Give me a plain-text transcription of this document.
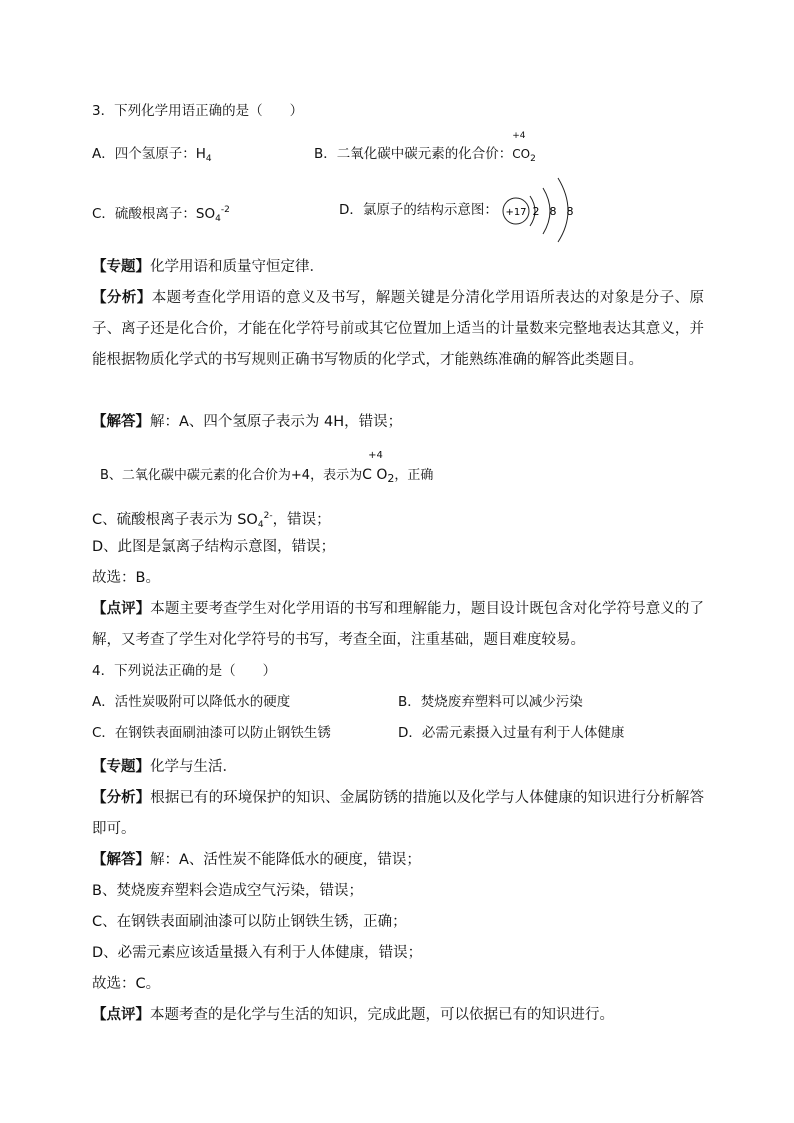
3．下列化学用语正确的是（　　）
A．四个氢原子：$H_4$	B．二氧化碳中碳元素的化合价：
+4
$CO_2$
C．硫酸根离子：$SO_4^{-2}$	D．氯原子的结构示意图： +17 2 8 8
【专题】化学用语和质量守恒定律．
【分析】本题考查化学用语的意义及书写，解题关键是分清化学用语所表达的对象是分子、原子、离子还是化合价，才能在化学符号前或其它位置加上适当的计量数来完整地表达其意义，并能根据物质化学式的书写规则正确书写物质的化学式，才能熟练准确的解答此类题目。
【解答】解：A、四个氢原子表示为 4H，错误；
B、二氧化碳中碳元素的化合价为+4，表示为
+4
C $O_2$，正确
C、硫酸根离子表示为 $SO_4^{2-}$，错误；
D、此图是氯离子结构示意图，错误；
故选：B。
【点评】本题主要考查学生对化学用语的书写和理解能力，题目设计既包含对化学符号意义的了解，又考查了学生对化学符号的书写，考查全面，注重基础，题目难度较易。
4．下列说法正确的是（　　）
A．活性炭吸附可以降低水的硬度	B．焚烧废弃塑料可以减少污染
C．在钢铁表面刷油漆可以防止钢铁生锈	D．必需元素摄入过量有利于人体健康
【专题】化学与生活．
【分析】根据已有的环境保护的知识、金属防锈的措施以及化学与人体健康的知识进行分析解答即可。
【解答】解：A、活性炭不能降低水的硬度，错误；
B、焚烧废弃塑料会造成空气污染，错误；
C、在钢铁表面刷油漆可以防止钢铁生锈，正确；
D、必需元素应该适量摄入有利于人体健康，错误；
故选：C。
【点评】本题考查的是化学与生活的知识，完成此题，可以依据已有的知识进行。
